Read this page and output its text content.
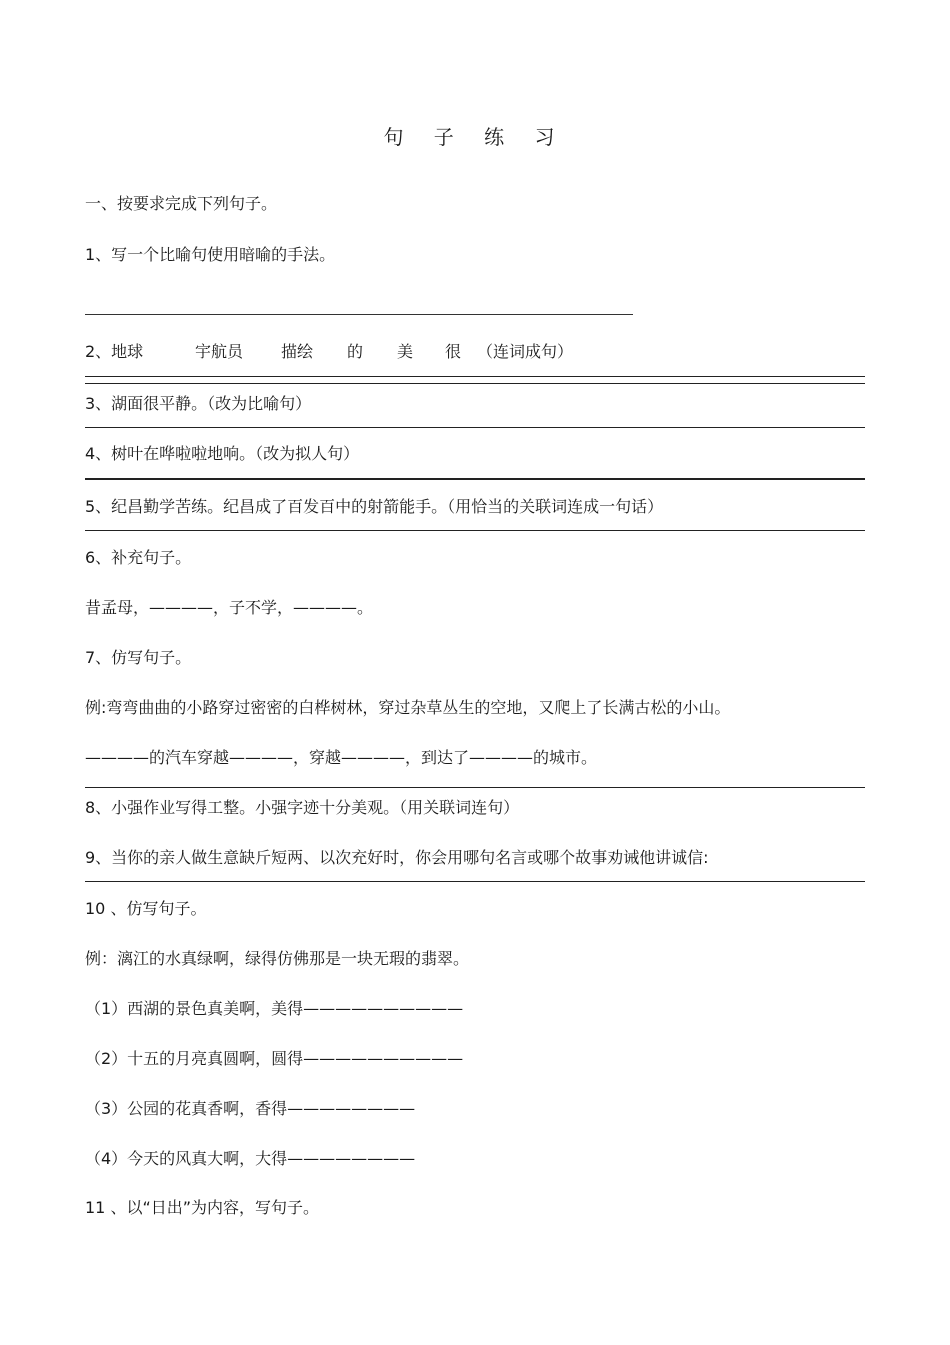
句 子 练 习
一、按要求完成下列句子。
1、写一个比喻句使用暗喻的手法。
2、地球	宇航员 描绘 的 美 很 （连词成句）
3、湖面很平静。（改为比喻句）
4、树叶在哗啦啦地响。（改为拟人句）
5、纪昌勤学苦练。纪昌成了百发百中的射箭能手。（用恰当的关联词连成一句话）
6、补充句子。
昔孟母，————，子不学，————。
7、仿写句子。
例:弯弯曲曲的小路穿过密密的白桦树林，穿过杂草丛生的空地，又爬上了长满古松的小山。
————的汽车穿越————，穿越————，到达了————的城市。
8、小强作业写得工整。小强字迹十分美观。（用关联词连句）
9、当你的亲人做生意缺斤短两、以次充好时，你会用哪句名言或哪个故事劝诫他讲诚信:
10 、仿写句子。
例：漓江的水真绿啊，绿得仿佛那是一块无瑕的翡翠。
（1）西湖的景色真美啊，美得——————————
（2）十五的月亮真圆啊，圆得——————————
（3）公园的花真香啊，香得————————
（4）今天的风真大啊，大得————————
11 、以“日出”为内容，写句子。
